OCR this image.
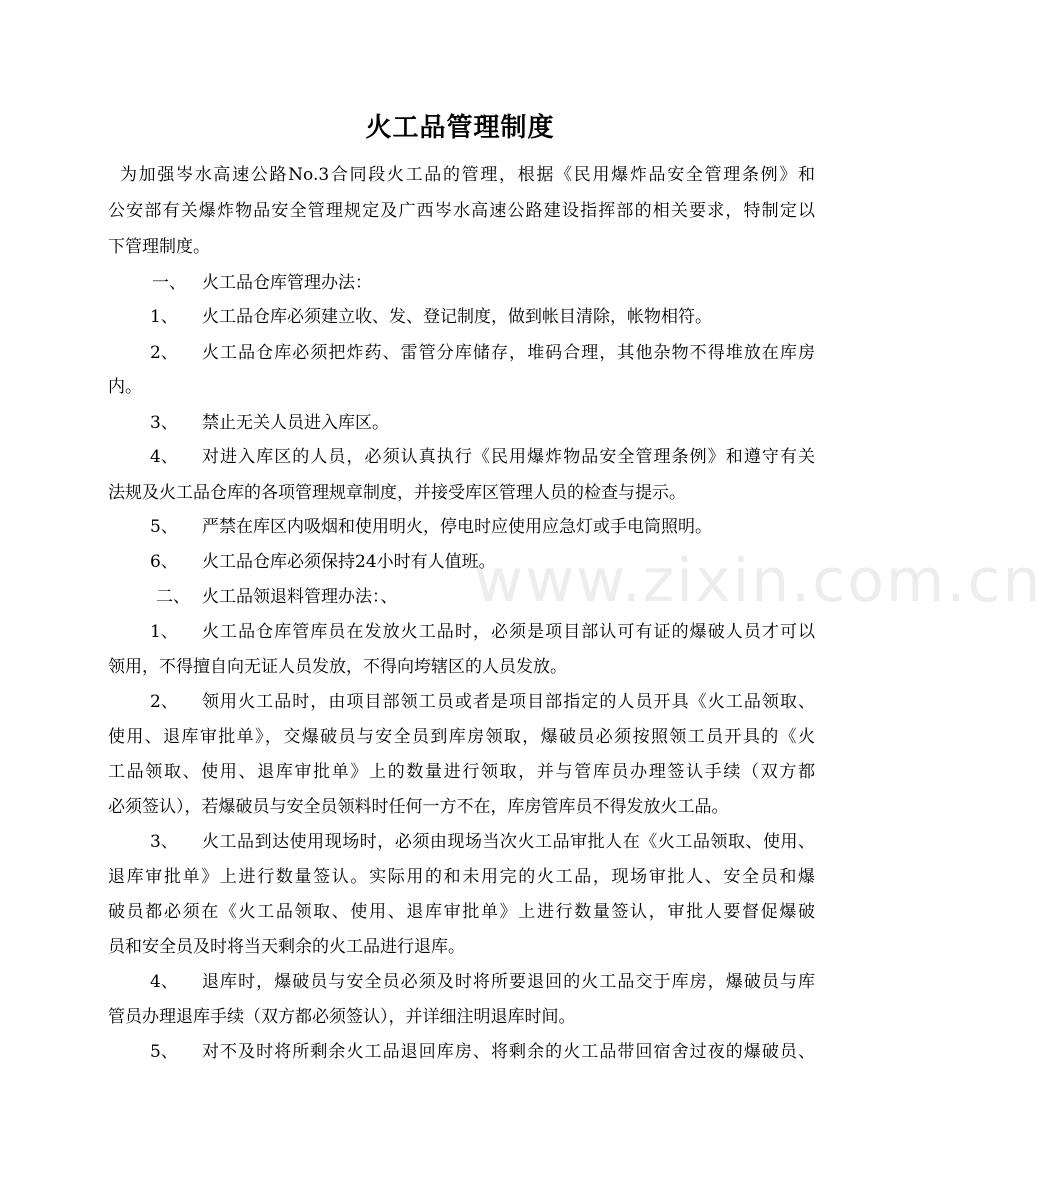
火工品管理制度
为加强岑水高速公路No.3合同段火工品的管理，根据《民用爆炸品安全管理条例》和
公安部有关爆炸物品安全管理规定及广西岑水高速公路建设指挥部的相关要求，特制定以
下管理制度。
一、 火工品仓库管理办法：
1、 火工品仓库必须建立收、发、登记制度，做到帐目清除，帐物相符。
2、 火工品仓库必须把炸药、雷管分库储存，堆码合理，其他杂物不得堆放在库房
内。
3、 禁止无关人员进入库区。
4、 对进入库区的人员，必须认真执行《民用爆炸物品安全管理条例》和遵守有关
法规及火工品仓库的各项管理规章制度，并接受库区管理人员的检查与提示。
5、 严禁在库区内吸烟和使用明火，停电时应使用应急灯或手电筒照明。
6、 火工品仓库必须保持24小时有人值班。
二、 火工品领退料管理办法：、
1、 火工品仓库管库员在发放火工品时，必须是项目部认可有证的爆破人员才可以
领用，不得擅自向无证人员发放，不得向垮辖区的人员发放。
2、 领用火工品时，由项目部领工员或者是项目部指定的人员开具《火工品领取、
使用、退库审批单》，交爆破员与安全员到库房领取，爆破员必须按照领工员开具的《火
工品领取、使用、退库审批单》上的数量进行领取，并与管库员办理签认手续（双方都
必须签认），若爆破员与安全员领料时任何一方不在，库房管库员不得发放火工品。
3、 火工品到达使用现场时，必须由现场当次火工品审批人在《火工品领取、使用、
退库审批单》上进行数量签认。实际用的和未用完的火工品，现场审批人、安全员和爆
破员都必须在《火工品领取、使用、退库审批单》上进行数量签认，审批人要督促爆破
员和安全员及时将当天剩余的火工品进行退库。
4、 退库时，爆破员与安全员必须及时将所要退回的火工品交于库房，爆破员与库
管员办理退库手续（双方都必须签认），并详细注明退库时间。
5、 对不及时将所剩余火工品退回库房、将剩余的火工品带回宿舍过夜的爆破员、
www.zixin.com.cn
